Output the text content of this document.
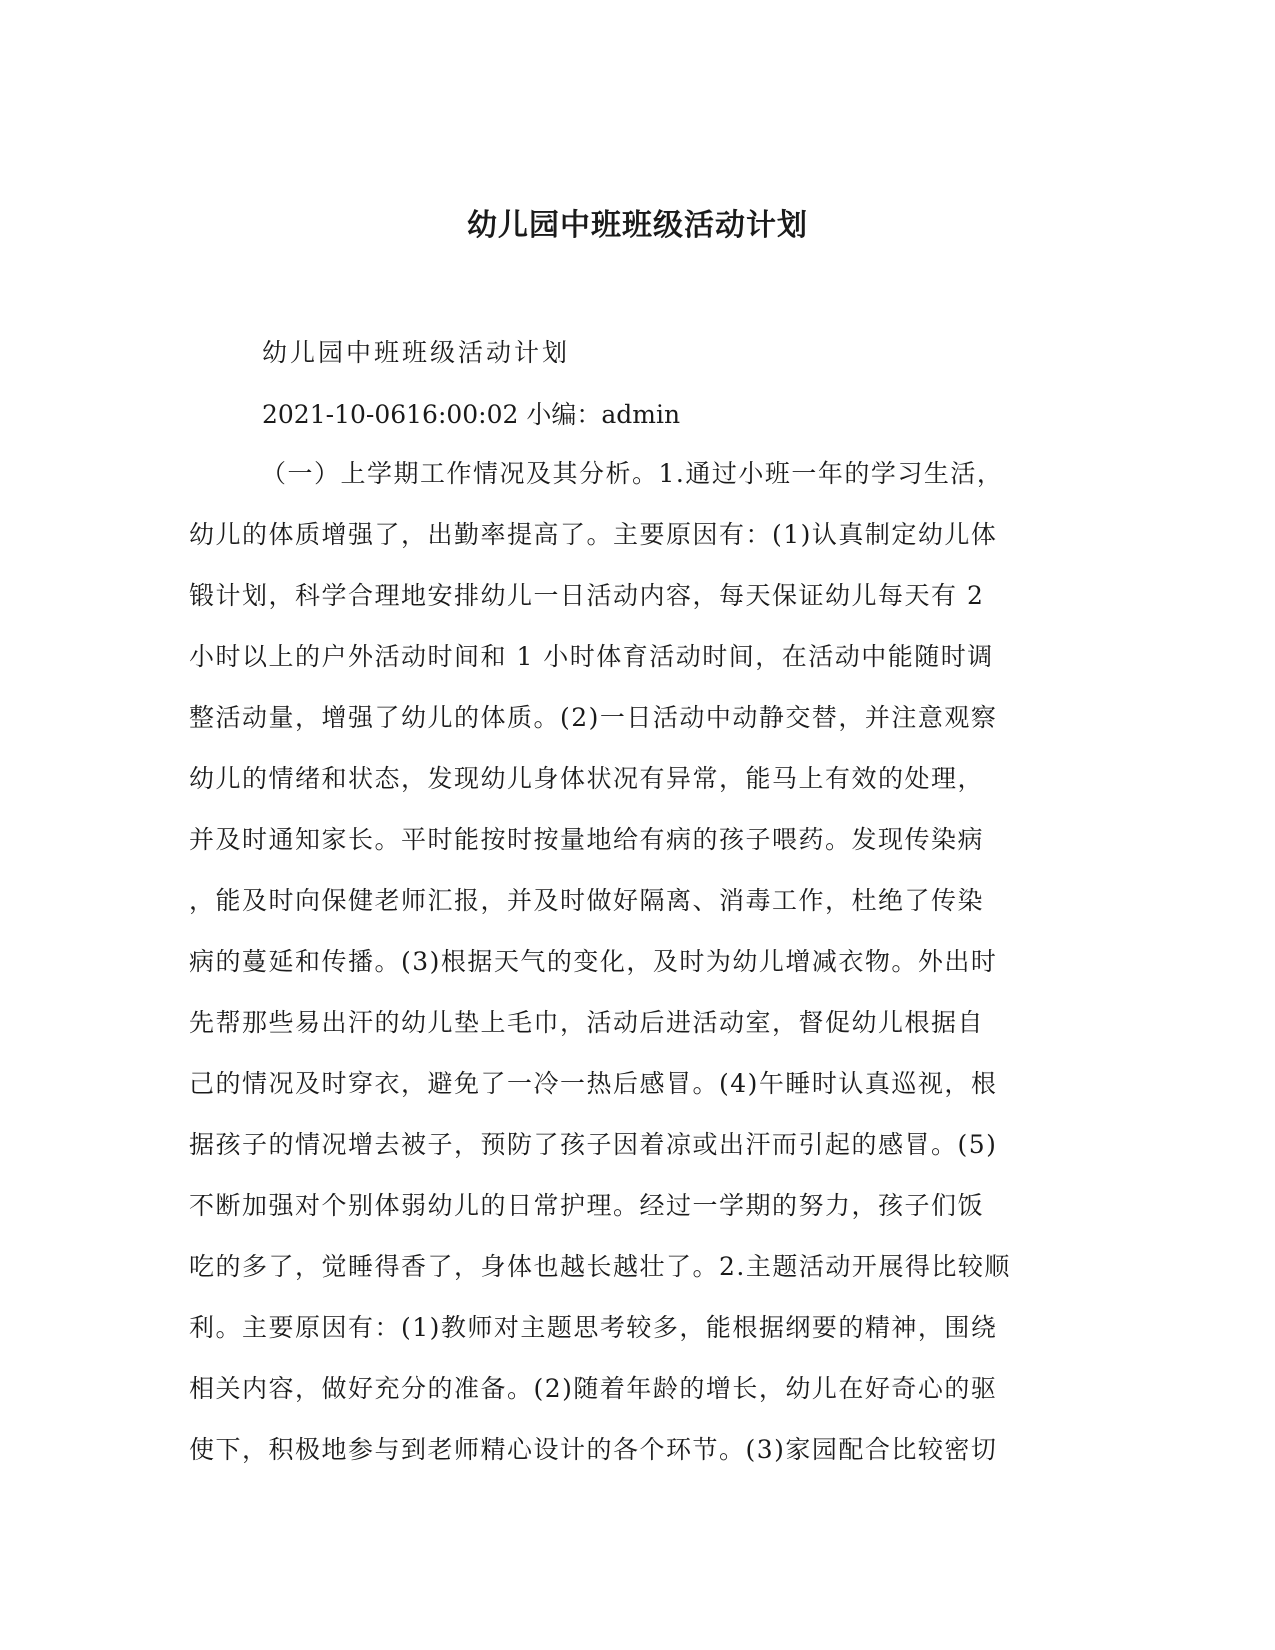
幼儿园中班班级活动计划

幼儿园中班班级活动计划

2021-10-0616:00:02 小编：admin

（一）上学期工作情况及其分析。1.通过小班一年的学习生活，
幼儿的体质增强了，出勤率提高了。主要原因有：(1)认真制定幼儿体
锻计划，科学合理地安排幼儿一日活动内容，每天保证幼儿每天有 2
小时以上的户外活动时间和 1 小时体育活动时间，在活动中能随时调
整活动量，增强了幼儿的体质。(2)一日活动中动静交替，并注意观察
幼儿的情绪和状态，发现幼儿身体状况有异常，能马上有效的处理，
并及时通知家长。平时能按时按量地给有病的孩子喂药。发现传染病
，能及时向保健老师汇报，并及时做好隔离、消毒工作，杜绝了传染
病的蔓延和传播。(3)根据天气的变化，及时为幼儿增减衣物。外出时
先帮那些易出汗的幼儿垫上毛巾，活动后进活动室，督促幼儿根据自
己的情况及时穿衣，避免了一冷一热后感冒。(4)午睡时认真巡视，根
据孩子的情况增去被子，预防了孩子因着凉或出汗而引起的感冒。(5)
不断加强对个别体弱幼儿的日常护理。经过一学期的努力，孩子们饭
吃的多了，觉睡得香了，身体也越长越壮了。2.主题活动开展得比较顺
利。主要原因有：(1)教师对主题思考较多，能根据纲要的精神，围绕
相关内容，做好充分的准备。(2)随着年龄的增长，幼儿在好奇心的驱
使下，积极地参与到老师精心设计的各个环节。(3)家园配合比较密切
